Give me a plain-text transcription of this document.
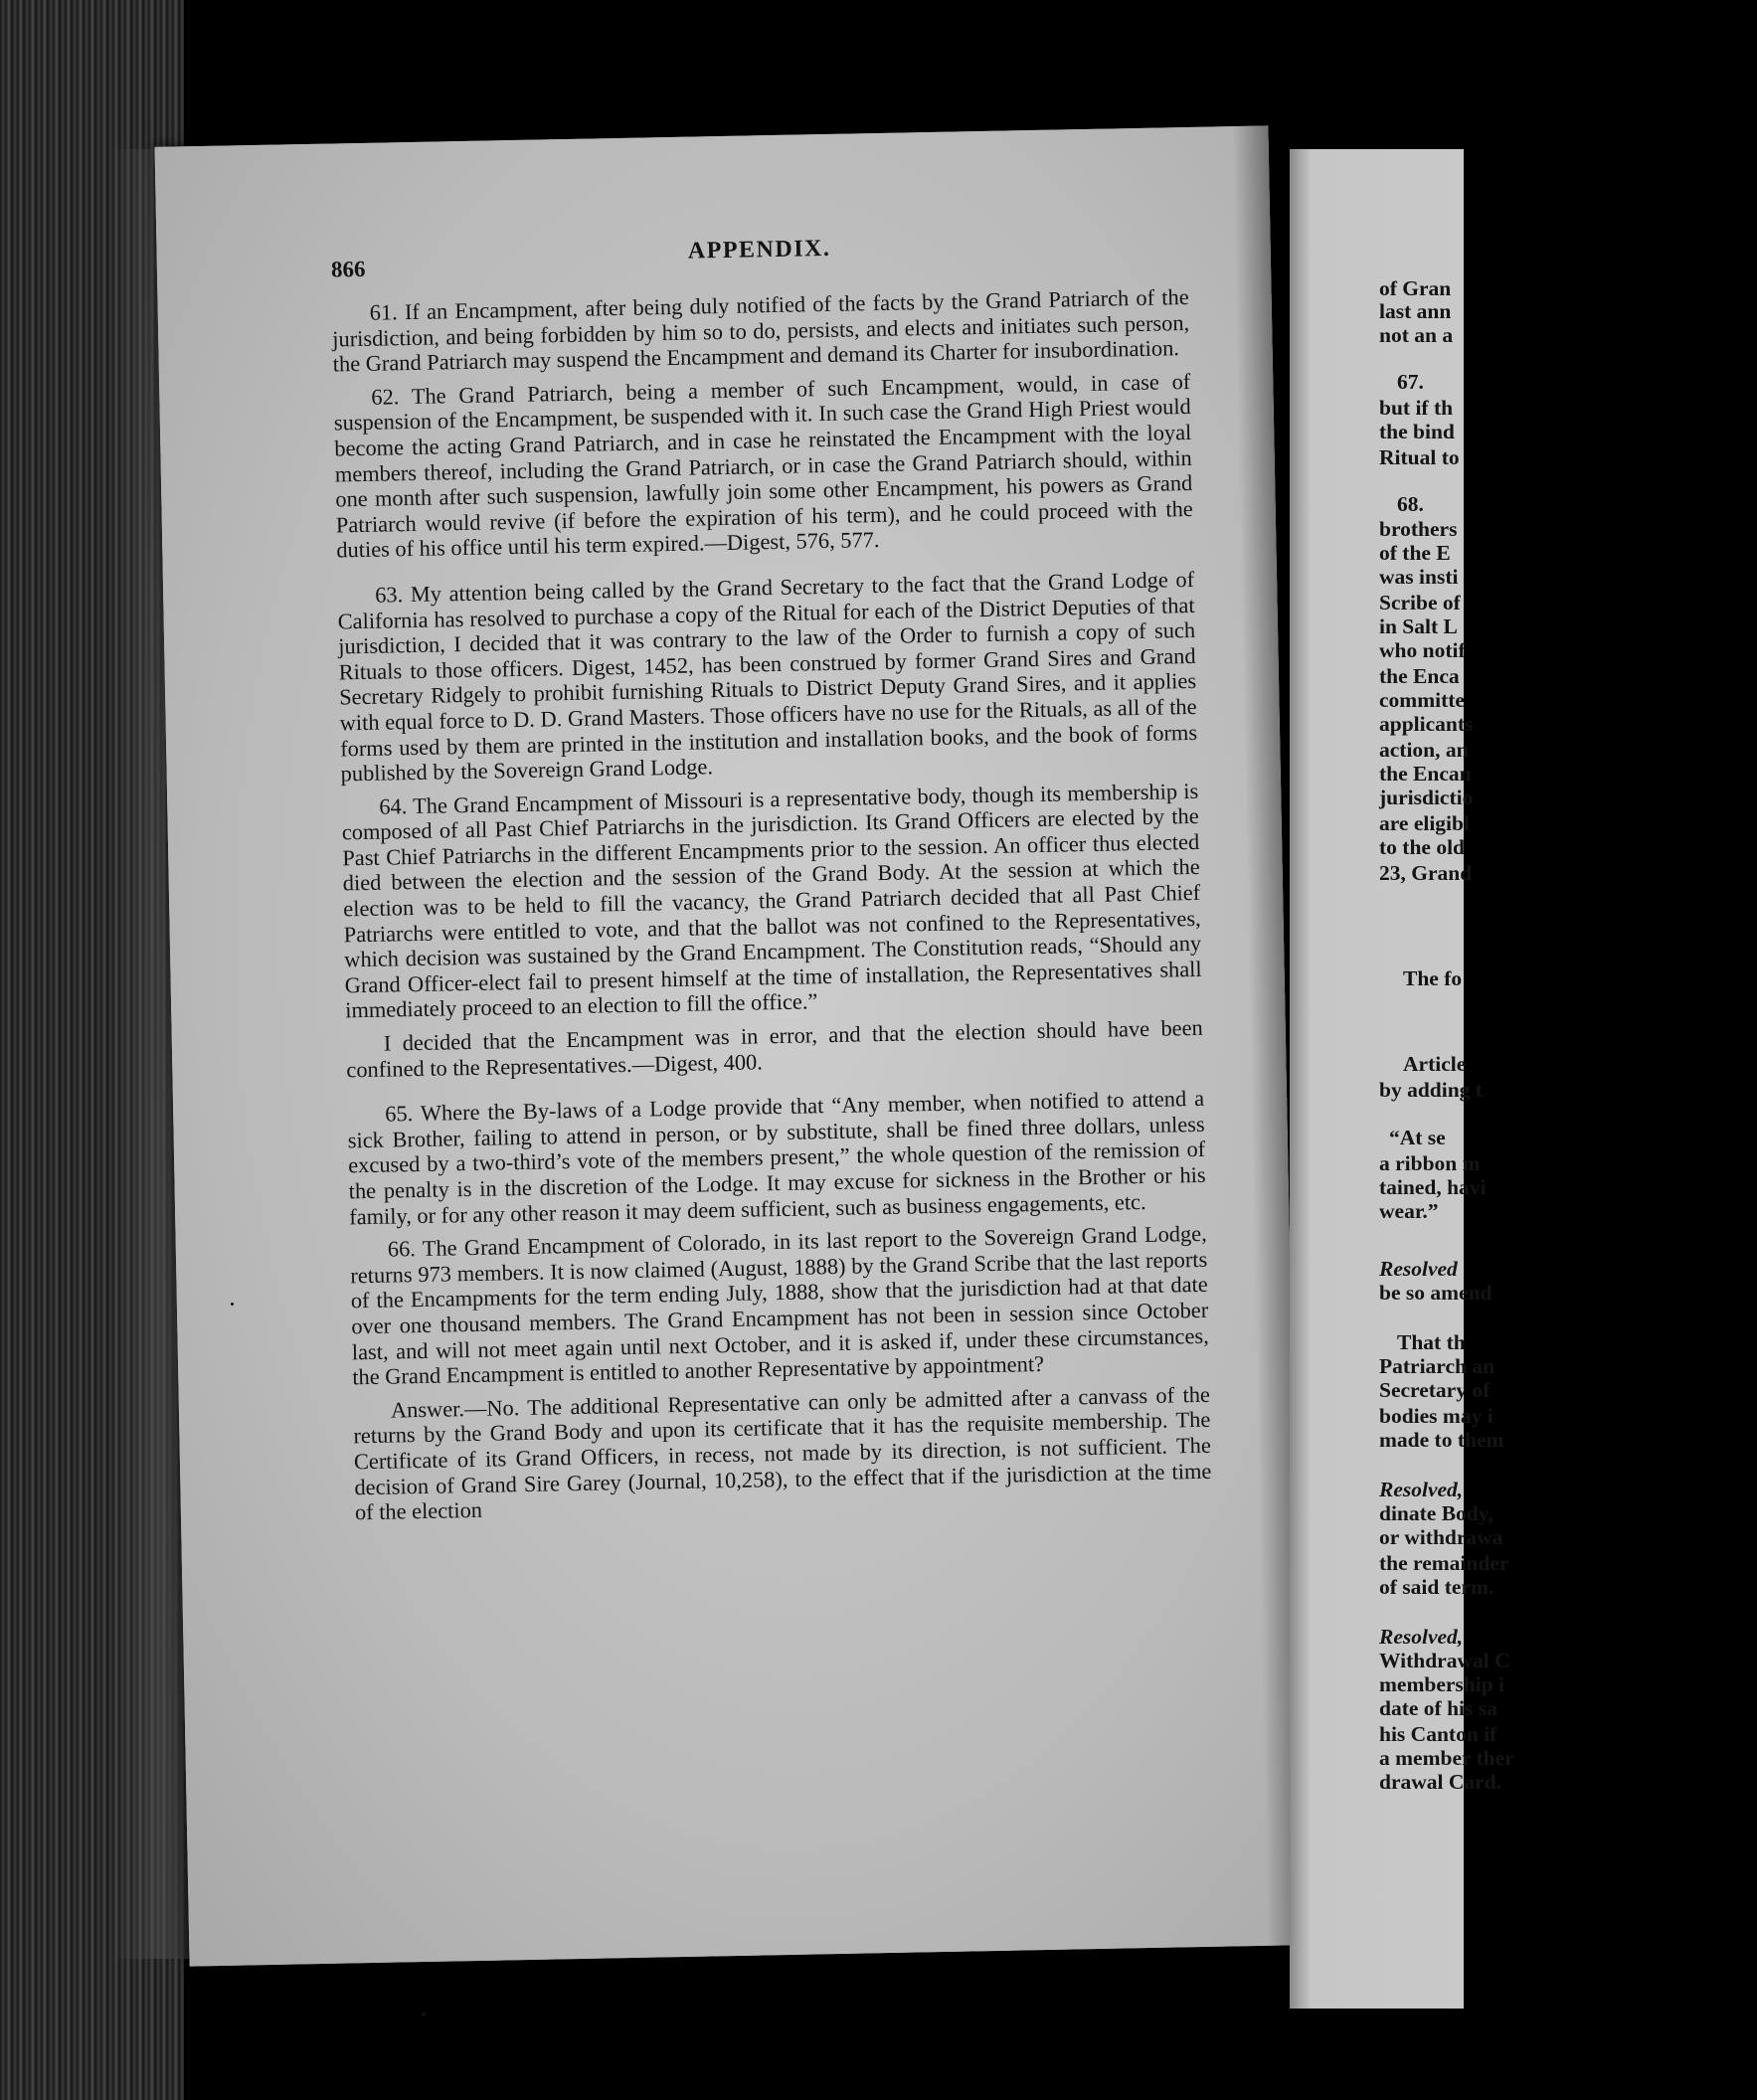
866
APPENDIX.

61. If an Encampment, after being duly notified of the facts by the Grand Patriarch of the jurisdiction, and being forbidden by him so to do, persists, and elects and initiates such person, the Grand Patriarch may suspend the Encampment and demand its Charter for insubordination.

62. The Grand Patriarch, being a member of such Encampment, would, in case of suspension of the Encampment, be suspended with it. In such case the Grand High Priest would become the acting Grand Patriarch, and in case he reinstated the Encampment with the loyal members thereof, including the Grand Patriarch, or in case the Grand Patriarch should, within one month after such suspension, lawfully join some other Encampment, his powers as Grand Patriarch would revive (if before the expiration of his term), and he could proceed with the duties of his office until his term expired.—Digest, 576, 577.

63. My attention being called by the Grand Secretary to the fact that the Grand Lodge of California has resolved to purchase a copy of the Ritual for each of the District Deputies of that jurisdiction, I decided that it was contrary to the law of the Order to furnish a copy of such Rituals to those officers. Digest, 1452, has been construed by former Grand Sires and Grand Secretary Ridgely to prohibit furnishing Rituals to District Deputy Grand Sires, and it applies with equal force to D. D. Grand Masters. Those officers have no use for the Rituals, as all of the forms used by them are printed in the institution and installation books, and the book of forms published by the Sovereign Grand Lodge.

64. The Grand Encampment of Missouri is a representative body, though its membership is composed of all Past Chief Patriarchs in the jurisdiction. Its Grand Officers are elected by the Past Chief Patriarchs in the different Encampments prior to the session. An officer thus elected died between the election and the session of the Grand Body. At the session at which the election was to be held to fill the vacancy, the Grand Patriarch decided that all Past Chief Patriarchs were entitled to vote, and that the ballot was not confined to the Representatives, which decision was sustained by the Grand Encampment. The Constitution reads, “Should any Grand Officer-elect fail to present himself at the time of installation, the Representatives shall immediately proceed to an election to fill the office.”

I decided that the Encampment was in error, and that the election should have been confined to the Representatives.—Digest, 400.

65. Where the By-laws of a Lodge provide that “Any member, when notified to attend a sick Brother, failing to attend in person, or by substitute, shall be fined three dollars, unless excused by a two-third’s vote of the members present,” the whole question of the remission of the penalty is in the discretion of the Lodge. It may excuse for sickness in the Brother or his family, or for any other reason it may deem sufficient, such as business engagements, etc.

66. The Grand Encampment of Colorado, in its last report to the Sovereign Grand Lodge, returns 973 members. It is now claimed (August, 1888) by the Grand Scribe that the last reports of the Encampments for the term ending July, 1888, show that the jurisdiction had at that date over one thousand members. The Grand Encampment has not been in session since October last, and will not meet again until next October, and it is asked if, under these circumstances, the Grand Encampment is entitled to another Representative by appointment?

Answer.—No. The additional Representative can only be admitted after a canvass of the returns by the Grand Body and upon its certificate that it has the requisite membership. The Certificate of its Grand Officers, in recess, not made by its direction, is not sufficient. The decision of Grand Sire Garey (Journal, 10,258), to the effect that if the jurisdiction at the time of the election

of Gran
last ann
not an a
67.
but if th
the bind
Ritual to
68.
brothers
of the E
was insti
Scribe of
in Salt L
who notif
the Enca
committe
applicants
action, an
the Encan
jurisdictio
are eligibl
to the old
23, Grand
The fo
Article
by adding t
“At se
a ribbon m
tained, havi
wear.”
Resolved
be so amend
That th
Patriarch an
Secretary of
bodies may i
made to them
Resolved,
dinate Body,
or withdrawa
the remainder
of said term.
Resolved,
Withdrawal C
membership i
date of his sa
his Canton if
a member ther
drawal Card.
